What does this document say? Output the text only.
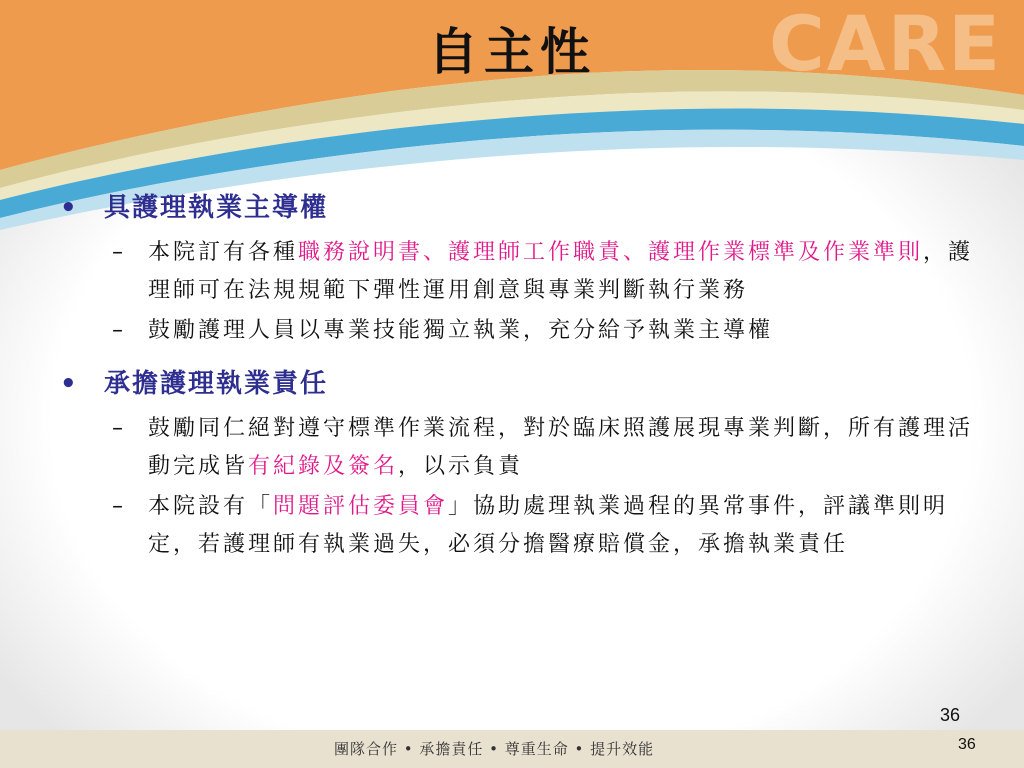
CARE
自主性
• 具護理執業主導權
– 本院訂有各種職務說明書、護理師工作職責、護理作業標準及作業準則，護理師可在法規規範下彈性運用創意與專業判斷執行業務
– 鼓勵護理人員以專業技能獨立執業，充分給予執業主導權
• 承擔護理執業責任
– 鼓勵同仁絕對遵守標準作業流程，對於臨床照護展現專業判斷，所有護理活動完成皆有紀錄及簽名，以示負責
– 本院設有「問題評估委員會」協助處理執業過程的異常事件，評議準則明定，若護理師有執業過失，必須分擔醫療賠償金，承擔執業責任
36
團隊合作 • 承擔責任 • 尊重生命 • 提升效能	36
